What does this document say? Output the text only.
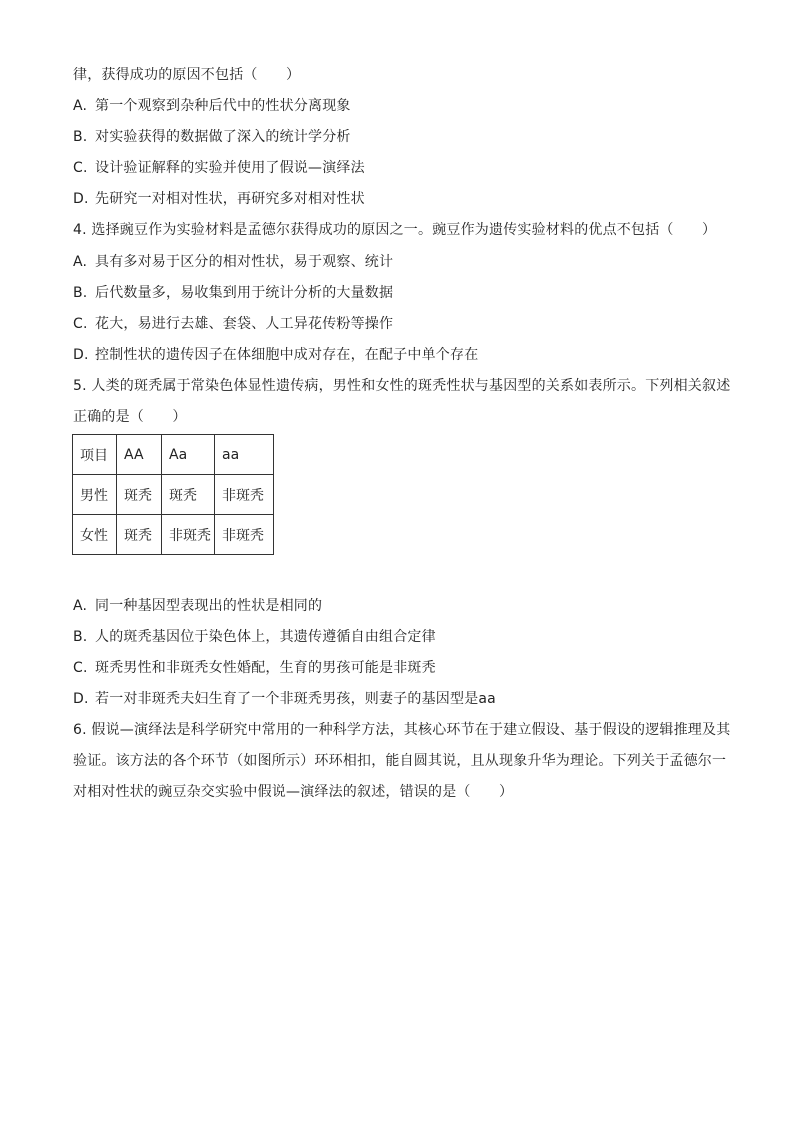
律，获得成功的原因不包括（　　）
A. 第一个观察到杂种后代中的性状分离现象
B. 对实验获得的数据做了深入的统计学分析
C. 设计验证解释的实验并使用了假说—演绎法
D. 先研究一对相对性状，再研究多对相对性状
4. 选择豌豆作为实验材料是孟德尔获得成功的原因之一。豌豆作为遗传实验材料的优点不包括（　　）
A. 具有多对易于区分的相对性状，易于观察、统计
B. 后代数量多，易收集到用于统计分析的大量数据
C. 花大，易进行去雄、套袋、人工异花传粉等操作
D. 控制性状的遗传因子在体细胞中成对存在，在配子中单个存在
5. 人类的斑秃属于常染色体显性遗传病，男性和女性的斑秃性状与基因型的关系如表所示。下列相关叙述
正确的是（　　）
项目	AA	Aa	aa
男性	斑秃	斑秃	非斑秃
女性	斑秃	非斑秃	非斑秃
A. 同一种基因型表现出的性状是相同的
B. 人的斑秃基因位于染色体上，其遗传遵循自由组合定律
C. 斑秃男性和非斑秃女性婚配，生育的男孩可能是非斑秃
D. 若一对非斑秃夫妇生育了一个非斑秃男孩，则妻子的基因型是aa
6. 假说—演绎法是科学研究中常用的一种科学方法，其核心环节在于建立假设、基于假设的逻辑推理及其
验证。该方法的各个环节（如图所示）环环相扣，能自圆其说，且从现象升华为理论。下列关于孟德尔一
对相对性状的豌豆杂交实验中假说—演绎法的叙述，错误的是（　　）
